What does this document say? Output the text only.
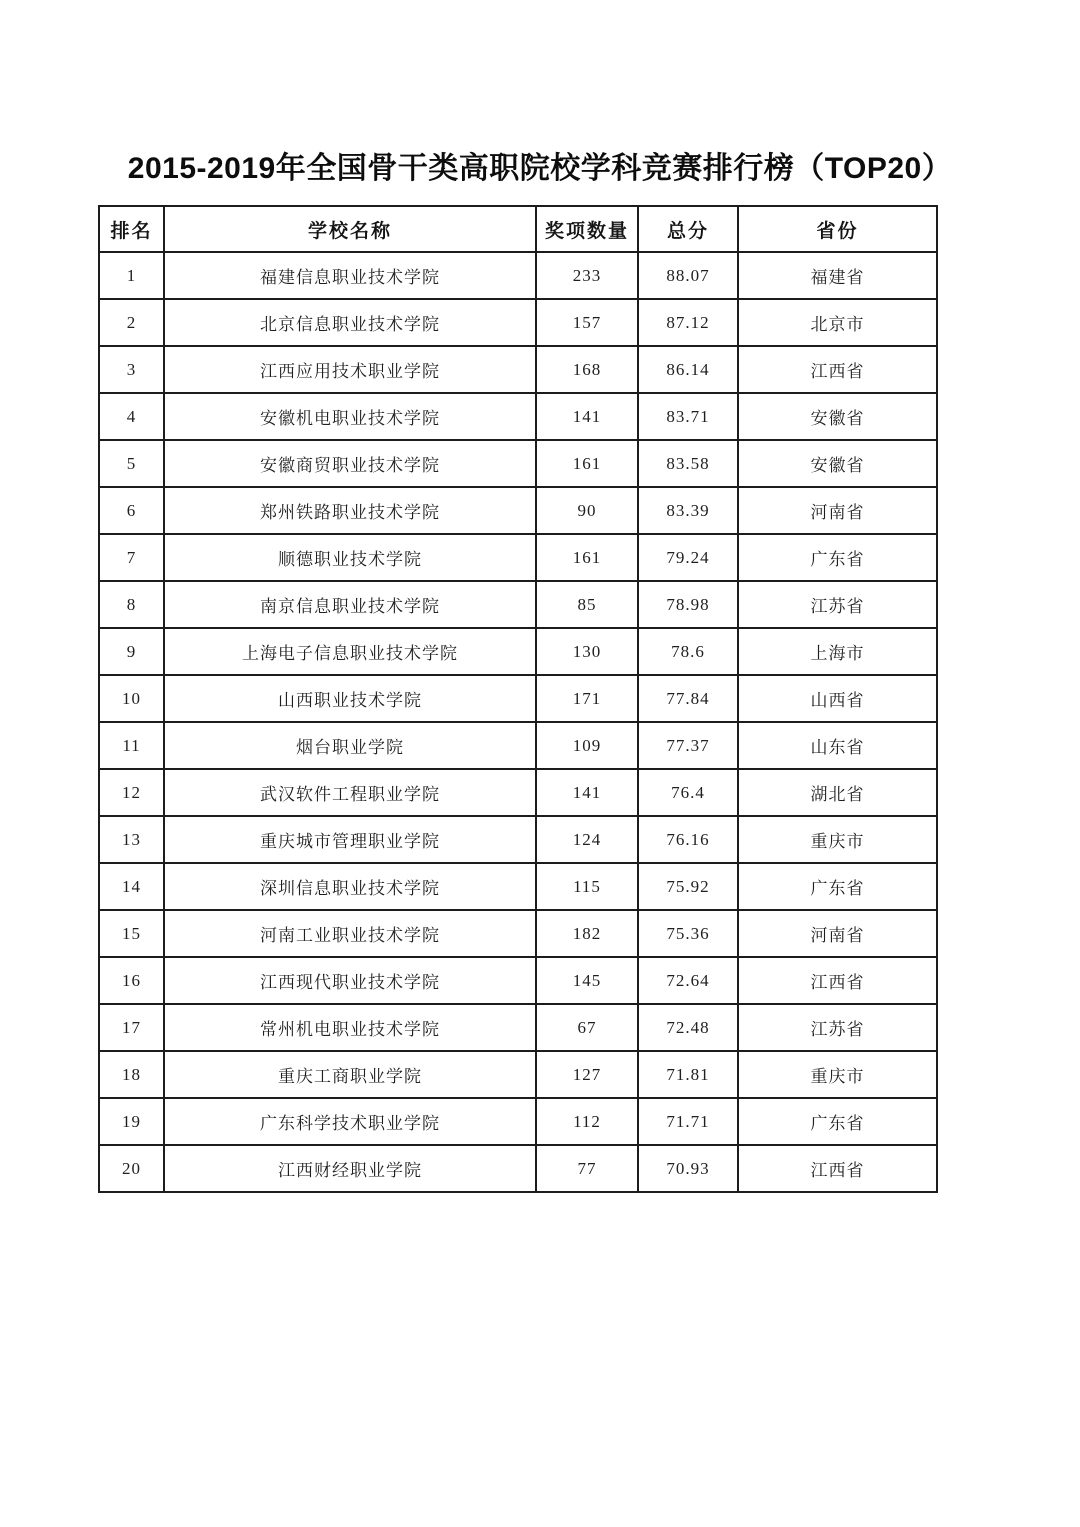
2015-2019年全国骨干类高职院校学科竞赛排行榜（TOP20）
排名	学校名称	奖项数量	总分	省份
1	福建信息职业技术学院	233	88.07	福建省
2	北京信息职业技术学院	157	87.12	北京市
3	江西应用技术职业学院	168	86.14	江西省
4	安徽机电职业技术学院	141	83.71	安徽省
5	安徽商贸职业技术学院	161	83.58	安徽省
6	郑州铁路职业技术学院	90	83.39	河南省
7	顺德职业技术学院	161	79.24	广东省
8	南京信息职业技术学院	85	78.98	江苏省
9	上海电子信息职业技术学院	130	78.6	上海市
10	山西职业技术学院	171	77.84	山西省
11	烟台职业学院	109	77.37	山东省
12	武汉软件工程职业学院	141	76.4	湖北省
13	重庆城市管理职业学院	124	76.16	重庆市
14	深圳信息职业技术学院	115	75.92	广东省
15	河南工业职业技术学院	182	75.36	河南省
16	江西现代职业技术学院	145	72.64	江西省
17	常州机电职业技术学院	67	72.48	江苏省
18	重庆工商职业学院	127	71.81	重庆市
19	广东科学技术职业学院	112	71.71	广东省
20	江西财经职业学院	77	70.93	江西省
